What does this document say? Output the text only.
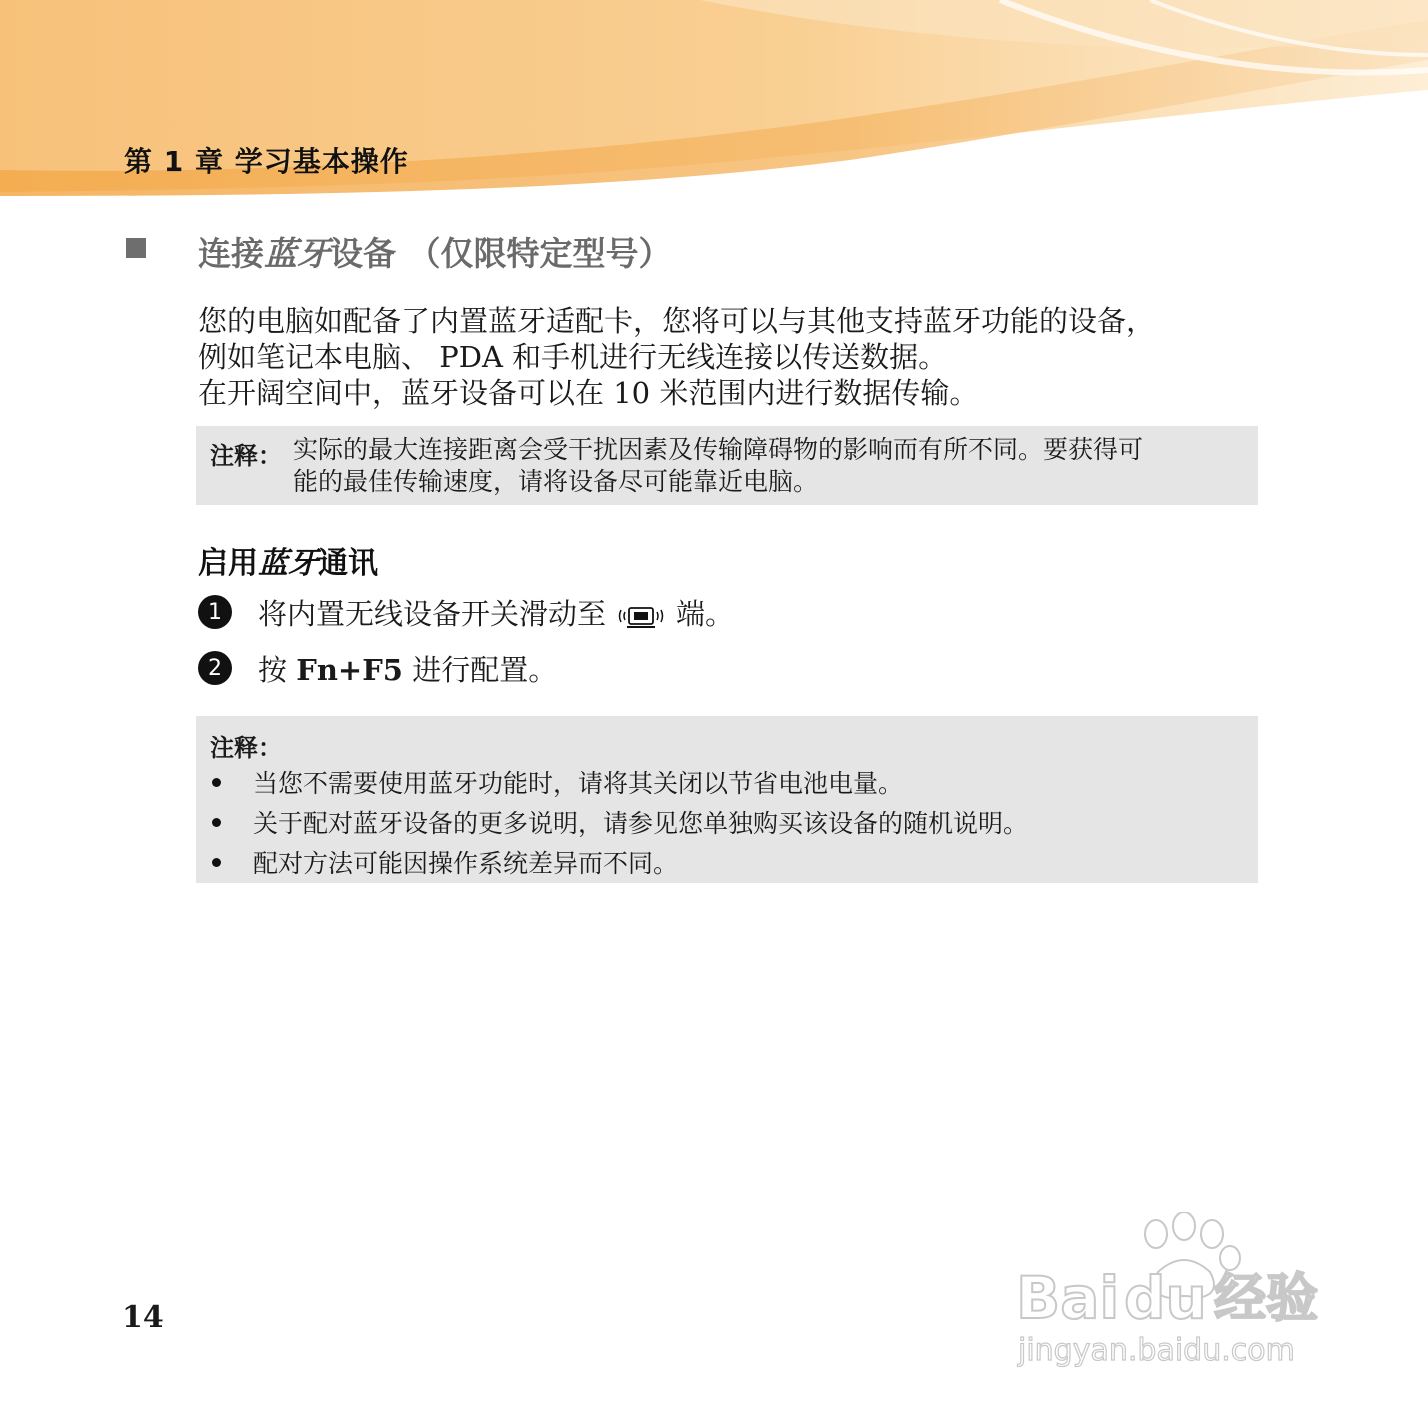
第 1 章 学习基本操作
连接蓝牙设备 （仅限特定型号）

您的电脑如配备了内置蓝牙适配卡，您将可以与其他支持蓝牙功能的设备，

例如笔记本电脑、 PDA 和手机进行无线连接以传送数据。

在开阔空间中，蓝牙设备可以在 10 米范围内进行数据传输。

注释： 实际的最大连接距离会受干扰因素及传输障碍物的影响而有所不同。要获得可
能的最佳传输速度，请将设备尽可能靠近电脑。
启用蓝牙通讯
1	将内置无线设备开关滑动至 端。
2	按 Fn+F5 进行配置。
注释：
当您不需要使用蓝牙功能时，请将其关闭以节省电池电量。
关于配对蓝牙设备的更多说明，请参见您单独购买该设备的随机说明。
配对方法可能因操作系统差异而不同。
14	Bai du 经验
jingyan.baidu.com
